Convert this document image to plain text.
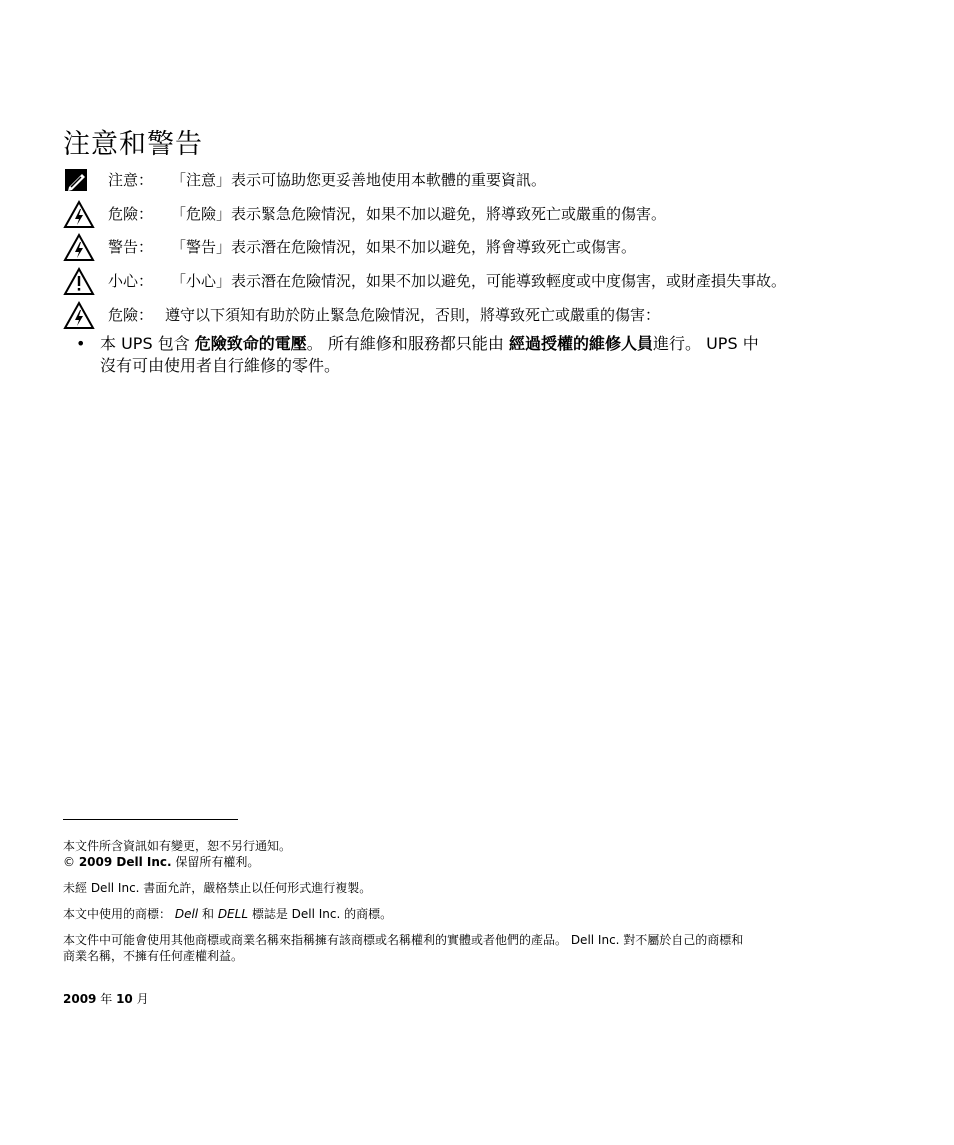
注意和警告
注意： 「注意」表示可協助您更妥善地使用本軟體的重要資訊。
危險： 「危險」表示緊急危險情況，如果不加以避免，將導致死亡或嚴重的傷害。
警告： 「警告」表示潛在危險情況，如果不加以避免，將會導致死亡或傷害。
小心： 「小心」表示潛在危險情況，如果不加以避免，可能導致輕度或中度傷害，或財產損失事故。
危險： 遵守以下須知有助於防止緊急危險情況，否則，將導致死亡或嚴重的傷害：
• 本 UPS 包含 危險致命的電壓。 所有維修和服務都只能由 經過授權的維修人員進行。 UPS 中
沒有可由使用者自行維修的零件。
本文件所含資訊如有變更，恕不另行通知。
© 2009 Dell Inc. 保留所有權利。
未經 Dell Inc. 書面允許，嚴格禁止以任何形式進行複製。
本文中使用的商標： Dell 和 DELL 標誌是 Dell Inc. 的商標。
本文件中可能會使用其他商標或商業名稱來指稱擁有該商標或名稱權利的實體或者他們的產品。 Dell Inc. 對不屬於自己的商標和
商業名稱，不擁有任何產權利益。
2009 年 10 月
